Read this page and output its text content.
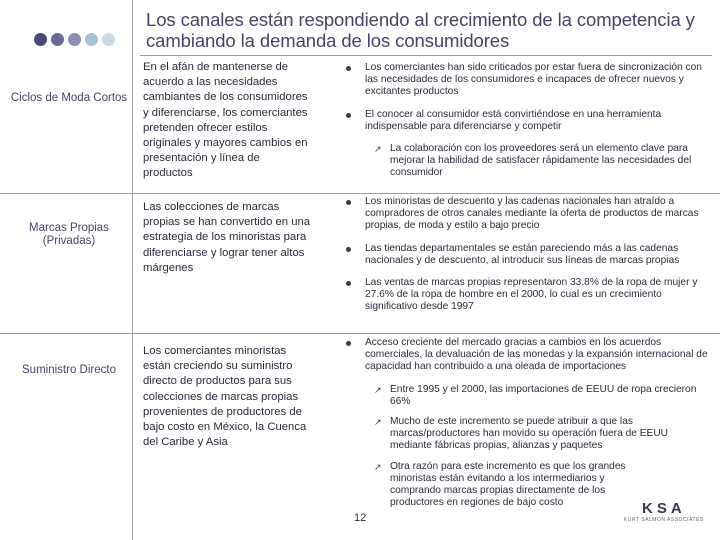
Los canales están respondiendo al crecimiento de la competencia y cambiando la demanda de los consumidores
Ciclos de Moda Cortos
En el afán de mantenerse de acuerdo a las necesidades cambiantes de los consumidores y diferenciarse, los comerciantes pretenden ofrecer estilos originales y mayores cambios en presentación y línea de productos
Los comerciantes han sido criticados por estar fuera de sincronización con las necesidades de los consumidores e incapaces de ofrecer nuevos y excitantes productos
El conocer al consumidor está convirtiéndose en una herramienta indispensable para diferenciarse y competir
↗ La colaboración con los proveedores será un elemento clave para mejorar la habilidad de satisfacer rápidamente las necesidades del consumidor
Marcas Propias (Privadas)
Las colecciones de marcas propias se han convertido en una estrategia de los minoristas para diferenciarse y lograr tener altos márgenes
Los minoristas de descuento y las cadenas nacionales han atraído a compradores de otros canales mediante la oferta de productos de marcas propias, de moda y estilo a bajo precio
Las tiendas departamentales se están pareciendo más a las cadenas nacionales y de descuento, al introducir sus líneas de marcas propias
Las ventas de marcas propias representaron 33.8% de la ropa de mujer y 27.6% de la ropa de hombre en el 2000, lo cual es un crecimiento significativo desde 1997
Suministro Directo
Los comerciantes minoristas están creciendo su suministro directo de productos para sus colecciones de marcas propias provenientes de productores de bajo costo en México, la Cuenca del Caribe y Asia
Acceso creciente del mercado gracias a cambios en los acuerdos comerciales, la devaluación de las monedas y la expansión internacional de capacidad han contribuido a una oleada de importaciones
↗ Entre 1995 y el 2000, las importaciones de EEUU de ropa crecieron 66%
↗ Mucho de este incremento se puede atribuir a que las marcas/productores han movido su operación fuera de EEUU mediante fábricas propias, alianzas y paquetes
↗ Otra razón para este incremento es que los grandes minoristas están evitando a los intermediarios y comprando marcas propias directamente de los productores en regiones de bajo costo
12
KSA
KURT SALMON ASSOCIATES
